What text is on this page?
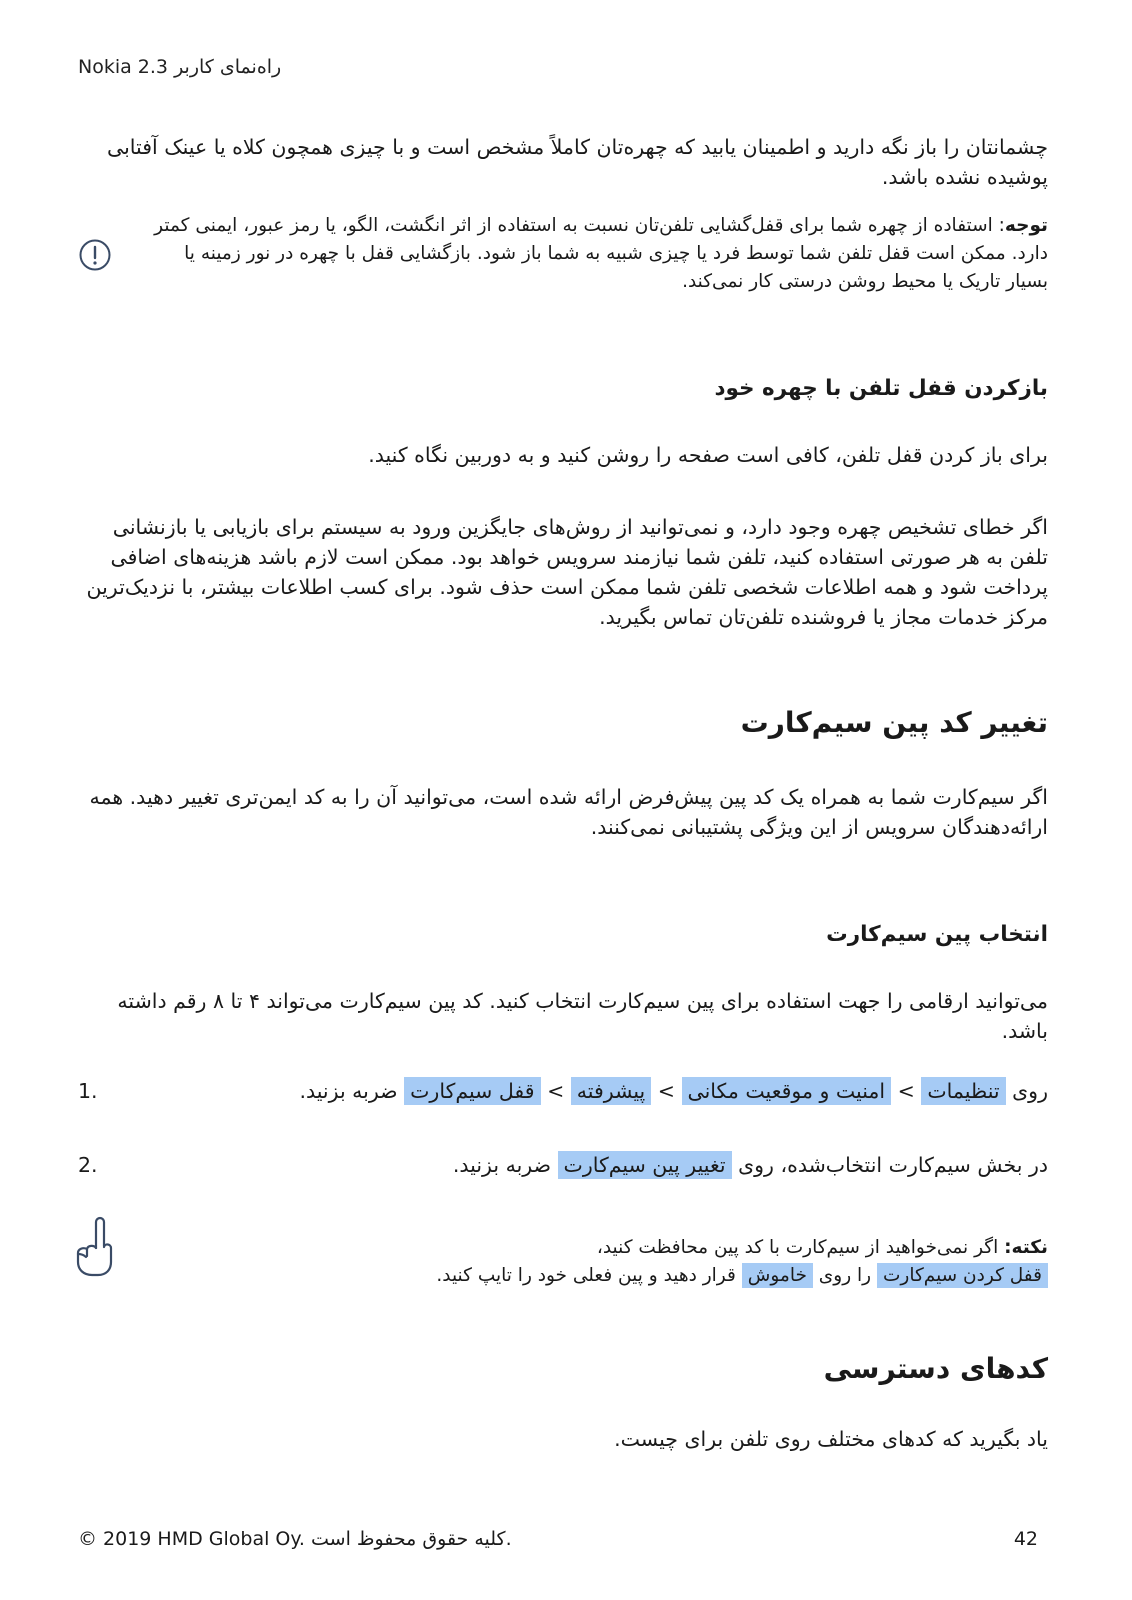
Nokia 2.3 راه‌نمای کاربر

چشمانتان را باز نگه دارید و اطمینان یابید که چهره‌تان کاملاً مشخص است و با چیزی همچون کلاه یا عینک آفتابی پوشیده نشده باشد.

توجه: استفاده از چهره شما برای قفل‌گشایی تلفن‌تان نسبت به استفاده از اثر انگشت، الگو، یا رمز عبور، ایمنی کمتر دارد. ممکن است قفل تلفن شما توسط فرد یا چیزی شبیه به شما باز شود. بازگشایی قفل با چهره در نور زمینه یا بسیار تاریک یا محیط روشن درستی کار نمی‌کند.

بازکردن قفل تلفن با چهره خود

برای باز کردن قفل تلفن، کافی است صفحه را روشن کنید و به دوربین نگاه کنید.

اگر خطای تشخیص چهره وجود دارد، و نمی‌توانید از روش‌های جایگزین ورود به سیستم برای بازیابی یا بازنشانی تلفن به هر صورتی استفاده کنید، تلفن شما نیازمند سرویس خواهد بود. ممکن است لازم باشد هزینه‌های اضافی پرداخت شود و همه اطلاعات شخصی تلفن شما ممکن است حذف شود. برای کسب اطلاعات بیشتر، با نزدیک‌ترین مرکز خدمات مجاز یا فروشنده تلفن‌تان تماس بگیرید.

تغییر کد پین سیم‌کارت

اگر سیم‌کارت شما به همراه یک کد پین پیش‌فرض ارائه شده است، می‌توانید آن را به کد ایمن‌تری تغییر دهید. همه ارائه‌دهندگان سرویس از این ویژگی پشتیبانی نمی‌کنند.

انتخاب پین سیم‌کارت

می‌توانید ارقامی را جهت استفاده برای پین سیم‌کارت انتخاب کنید. کد پین سیم‌کارت می‌تواند ۴ تا ۸ رقم داشته باشد.

1.	روی تنظیمات > امنیت و موقعیت مکانی > پیشرفته > قفل سیم‌کارت ضربه بزنید.
2.	در بخش سیم‌کارت انتخاب‌شده، روی تغییر پین سیم‌کارت ضربه بزنید.

نکته: اگر نمی‌خواهید از سیم‌کارت با کد پین محافظت کنید،
قفل کردن سیم‌کارت را روی خاموش قرار دهید و پین فعلی خود را تایپ کنید.

کدهای دسترسی

یاد بگیرید که کدهای مختلف روی تلفن برای چیست.

© 2019 HMD Global Oy. کلیه حقوق محفوظ است.	42
